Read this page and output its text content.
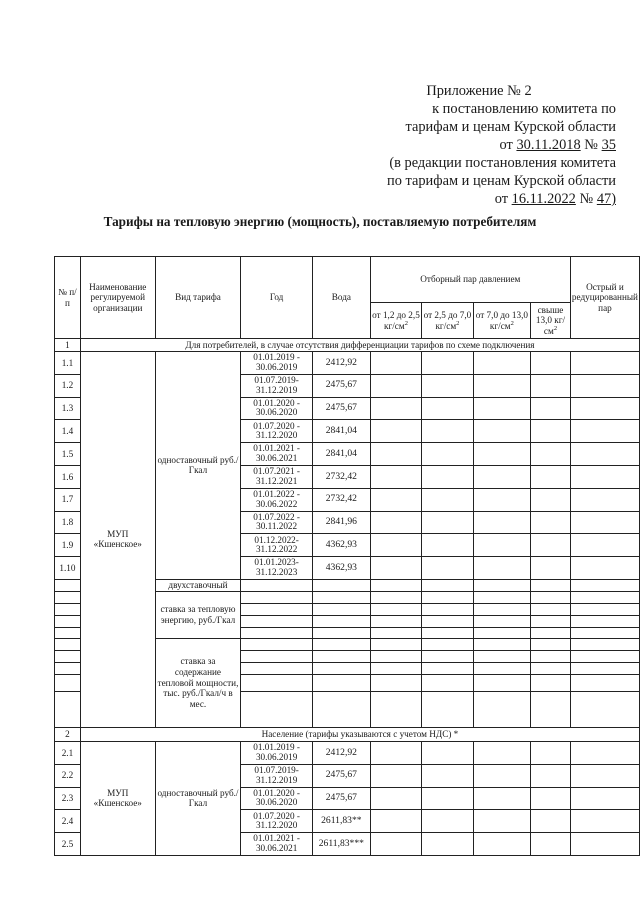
Приложение № 2
к постановлению комитета по
тарифам и ценам Курской области
от 30.11.2018 № 35
(в редакции постановления комитета
по тарифам и ценам Курской области
от 16.11.2022 № 47)
Тарифы на тепловую энергию (мощность), поставляемую потребителям
№ п/п	Наименование регулируемой организации	Вид тарифа	Год	Вода	Отборный пар давлением				Острый и редуцированный пар
					от 1,2 до 2,5 $кг/см^2$	от 2,5 до 7,0 $кг/см^2$	от 7,0 до 13,0 $кг/см^2$	свыше 13,0 $кг/см^2$
1	Для потребителей, в случае отсутствия дифференциации тарифов по схеме подключения								
1.1	МУП «Кшенское»	одноставочный руб./Гкал	01.01.2019 - 30.06.2019	2412,92					
1.2			01.07.2019- 31.12.2019	2475,67					
1.3			01.01.2020 - 30.06.2020	2475,67					
1.4			01.07.2020 - 31.12.2020	2841,04					
1.5			01.01.2021 - 30.06.2021	2841,04					
1.6			01.07.2021 - 31.12.2021	2732,42					
1.7			01.01.2022 - 30.06.2022	2732,42					
1.8			01.07.2022 - 30.11.2022	2841,96					
1.9			01.12.2022- 31.12.2022	4362,93					
1.10			01.01.2023- 31.12.2023	4362,93					
		двухставочный							
		ставка за тепловую энергию, руб./Гкал							

		ставка за содержание тепловой мощности, тыс. руб./Гкал/ч в мес.							

2	Население (тарифы указываются с учетом НДС) *								
2.1	МУП «Кшенское»	одноставочный руб./Гкал	01.01.2019 - 30.06.2019	2412,92					
2.2			01.07.2019- 31.12.2019	2475,67					
2.3			01.01.2020 - 30.06.2020	2475,67					
2.4			01.07.2020 - 31.12.2020	2611,83**					
2.5			01.01.2021 - 30.06.2021	2611,83***					
